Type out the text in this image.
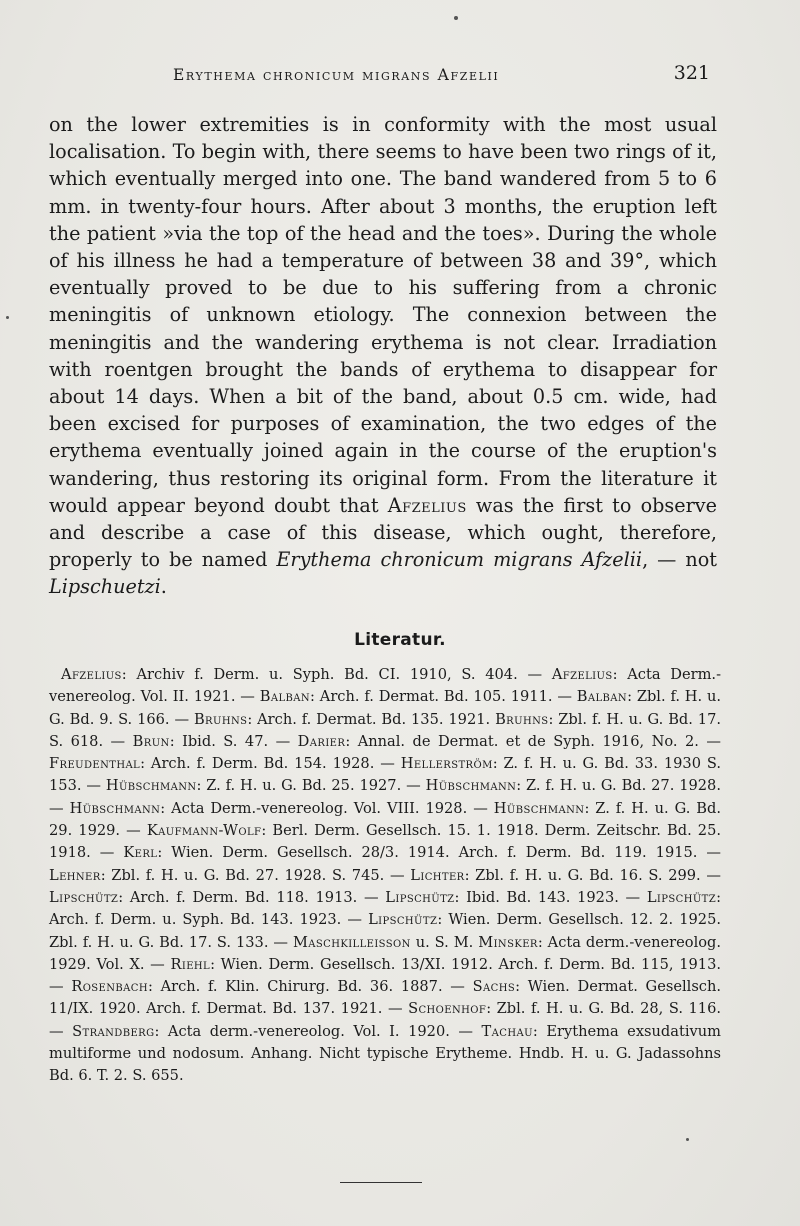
Erythema chronicum migrans Afzelii	321

on the lower extremities is in conformity with the most usual localisation. To begin with, there seems to have been two rings of it, which eventually merged into one. The band wandered from 5 to 6 mm. in twenty-four hours. After about 3 months, the eruption left the patient »via the top of the head and the toes». During the whole of his illness he had a temperature of between 38 and 39°, which eventually proved to be due to his suffering from a chronic meningitis of unknown etiology. The connexion between the meningitis and the wandering erythema is not clear. Irradiation with roentgen brought the bands of erythema to disappear for about 14 days. When a bit of the band, about 0.5 cm. wide, had been excised for purposes of examination, the two edges of the erythema eventually joined again in the course of the eruption's wandering, thus restoring its original form. From the literature it would appear beyond doubt that Afzelius was the first to observe and describe a case of this disease, which ought, therefore, properly to be named Erythema chronicum migrans Afzelii, — not Lipschuetzi.

Literatur.

Afzelius: Archiv f. Derm. u. Syph. Bd. CI. 1910, S. 404. — Afzelius: Acta Derm.-venereolog. Vol. II. 1921. — Balban: Arch. f. Dermat. Bd. 105. 1911. — Balban: Zbl. f. H. u. G. Bd. 9. S. 166. — Bruhns: Arch. f. Dermat. Bd. 135. 1921. Bruhns: Zbl. f. H. u. G. Bd. 17. S. 618. — Brun: Ibid. S. 47. — Darier: Annal. de Dermat. et de Syph. 1916, No. 2. — Freudenthal: Arch. f. Derm. Bd. 154. 1928. — Hellerström: Z. f. H. u. G. Bd. 33. 1930 S. 153. — Hübschmann: Z. f. H. u. G. Bd. 25. 1927. — Hübschmann: Z. f. H. u. G. Bd. 27. 1928. — Hübschmann: Acta Derm.-venereolog. Vol. VIII. 1928. — Hübschmann: Z. f. H. u. G. Bd. 29. 1929. — Kaufmann-Wolf: Berl. Derm. Gesellsch. 15. 1. 1918. Derm. Zeitschr. Bd. 25. 1918. — Kerl: Wien. Derm. Gesellsch. 28/3. 1914. Arch. f. Derm. Bd. 119. 1915. — Lehner: Zbl. f. H. u. G. Bd. 27. 1928. S. 745. — Lichter: Zbl. f. H. u. G. Bd. 16. S. 299. — Lipschütz: Arch. f. Derm. Bd. 118. 1913. — Lipschütz: Ibid. Bd. 143. 1923. — Lipschütz: Arch. f. Derm. u. Syph. Bd. 143. 1923. — Lipschütz: Wien. Derm. Gesellsch. 12. 2. 1925. Zbl. f. H. u. G. Bd. 17. S. 133. — Maschkilleisson u. S. M. Minsker: Acta derm.-venereolog. 1929. Vol. X. — Riehl: Wien. Derm. Gesellsch. 13/XI. 1912. Arch. f. Derm. Bd. 115, 1913. — Rosenbach: Arch. f. Klin. Chirurg. Bd. 36. 1887. — Sachs: Wien. Dermat. Gesellsch. 11/IX. 1920. Arch. f. Dermat. Bd. 137. 1921. — Schoenhof: Zbl. f. H. u. G. Bd. 28, S. 116. — Strandberg: Acta derm.-venereolog. Vol. I. 1920. — Tachau: Erythema exsudativum multiforme und nodosum. Anhang. Nicht typische Erytheme. Hndb. H. u. G. Jadassohns Bd. 6. T. 2. S. 655.
